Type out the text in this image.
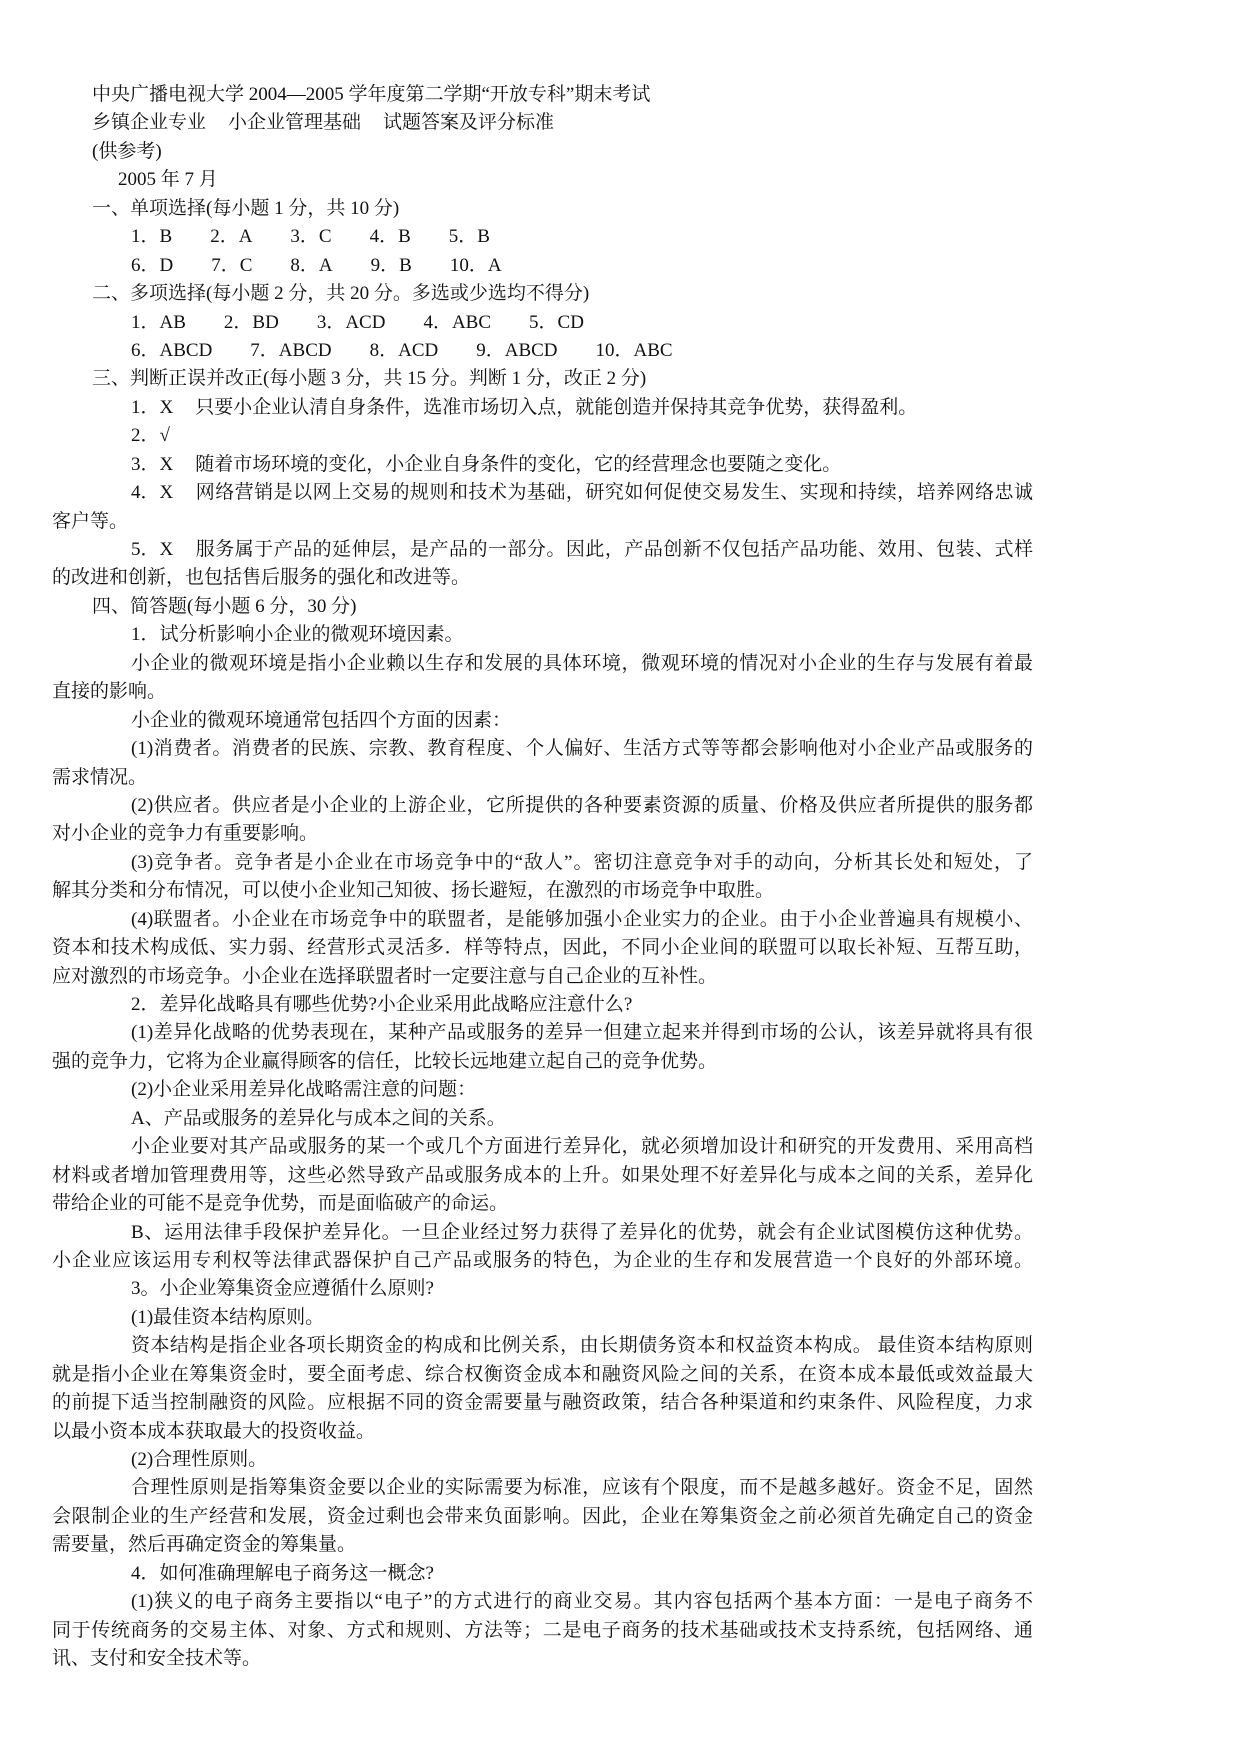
中央广播电视大学 2004—2005 学年度第二学期“开放专科”期末考试
乡镇企业专业 小企业管理基础 试题答案及评分标准
(供参考)
2005 年 7 月
一、单项选择(每小题 1 分，共 10 分)
1．B 2．A 3．C 4．B 5．B
6．D 7．C 8．A 9．B 10．A
二、多项选择(每小题 2 分，共 20 分。多选或少选均不得分)
1．AB 2．BD 3．ACD 4．ABC 5．CD
6．ABCD 7．ABCD 8．ACD 9．ABCD 10．ABC
三、判断正误并改正(每小题 3 分，共 15 分。判断 1 分，改正 2 分)
1．X 只要小企业认清自身条件，选准市场切入点，就能创造并保持其竞争优势，获得盈利。
2．√
3．X 随着市场环境的变化，小企业自身条件的变化，它的经营理念也要随之变化。
4．X 网络营销是以网上交易的规则和技术为基础，研究如何促使交易发生、实现和持续，培养网络忠诚
客户等。
5．X 服务属于产品的延伸层，是产品的一部分。因此，产品创新不仅包括产品功能、效用、包装、式样
的改进和创新，也包括售后服务的强化和改进等。
四、简答题(每小题 6 分，30 分)
1．试分析影响小企业的微观环境因素。
小企业的微观环境是指小企业赖以生存和发展的具体环境，微观环境的情况对小企业的生存与发展有着最
直接的影响。
小企业的微观环境通常包括四个方面的因素：
(1)消费者。消费者的民族、宗教、教育程度、个人偏好、生活方式等等都会影响他对小企业产品或服务的
需求情况。
(2)供应者。供应者是小企业的上游企业，它所提供的各种要素资源的质量、价格及供应者所提供的服务都
对小企业的竞争力有重要影响。
(3)竞争者。竞争者是小企业在市场竞争中的“敌人”。密切注意竞争对手的动向，分析其长处和短处，了
解其分类和分布情况，可以使小企业知己知彼、扬长避短，在激烈的市场竞争中取胜。
(4)联盟者。小企业在市场竞争中的联盟者，是能够加强小企业实力的企业。由于小企业普遍具有规模小、
资本和技术构成低、实力弱、经营形式灵活多．样等特点，因此，不同小企业间的联盟可以取长补短、互帮互助，
应对激烈的市场竞争。小企业在选择联盟者时一定要注意与自己企业的互补性。
2．差异化战略具有哪些优势?小企业采用此战略应注意什么?
(1)差异化战略的优势表现在，某种产品或服务的差异一但建立起来并得到市场的公认，该差异就将具有很
强的竞争力，它将为企业赢得顾客的信任，比较长远地建立起自己的竞争优势。
(2)小企业采用差异化战略需注意的问题：
A、产品或服务的差异化与成本之间的关系。
小企业要对其产品或服务的某一个或几个方面进行差异化，就必须增加设计和研究的开发费用、采用高档
材料或者增加管理费用等，这些必然导致产品或服务成本的上升。如果处理不好差异化与成本之间的关系，差异化
带给企业的可能不是竞争优势，而是面临破产的命运。
B、运用法律手段保护差异化。一旦企业经过努力获得了差异化的优势，就会有企业试图模仿这种优势。
小企业应该运用专利权等法律武器保护自己产品或服务的特色，为企业的生存和发展营造一个良好的外部环境。
3。小企业筹集资金应遵循什么原则?
(1)最佳资本结构原则。
资本结构是指企业各项长期资金的构成和比例关系，由长期债务资本和权益资本构成。 最佳资本结构原则
就是指小企业在筹集资金时，要全面考虑、综合权衡资金成本和融资风险之间的关系，在资本成本最低或效益最大
的前提下适当控制融资的风险。应根据不同的资金需要量与融资政策，结合各种渠道和约束条件、风险程度，力求
以最小资本成本获取最大的投资收益。
(2)合理性原则。
合理性原则是指筹集资金要以企业的实际需要为标准，应该有个限度，而不是越多越好。资金不足，固然
会限制企业的生产经营和发展，资金过剩也会带来负面影响。因此，企业在筹集资金之前必须首先确定自己的资金
需要量，然后再确定资金的筹集量。
4．如何准确理解电子商务这一概念?
(1)狭义的电子商务主要指以“电子”的方式进行的商业交易。其内容包括两个基本方面：一是电子商务不
同于传统商务的交易主体、对象、方式和规则、方法等；二是电子商务的技术基础或技术支持系统，包括网络、通
讯、支付和安全技术等。
